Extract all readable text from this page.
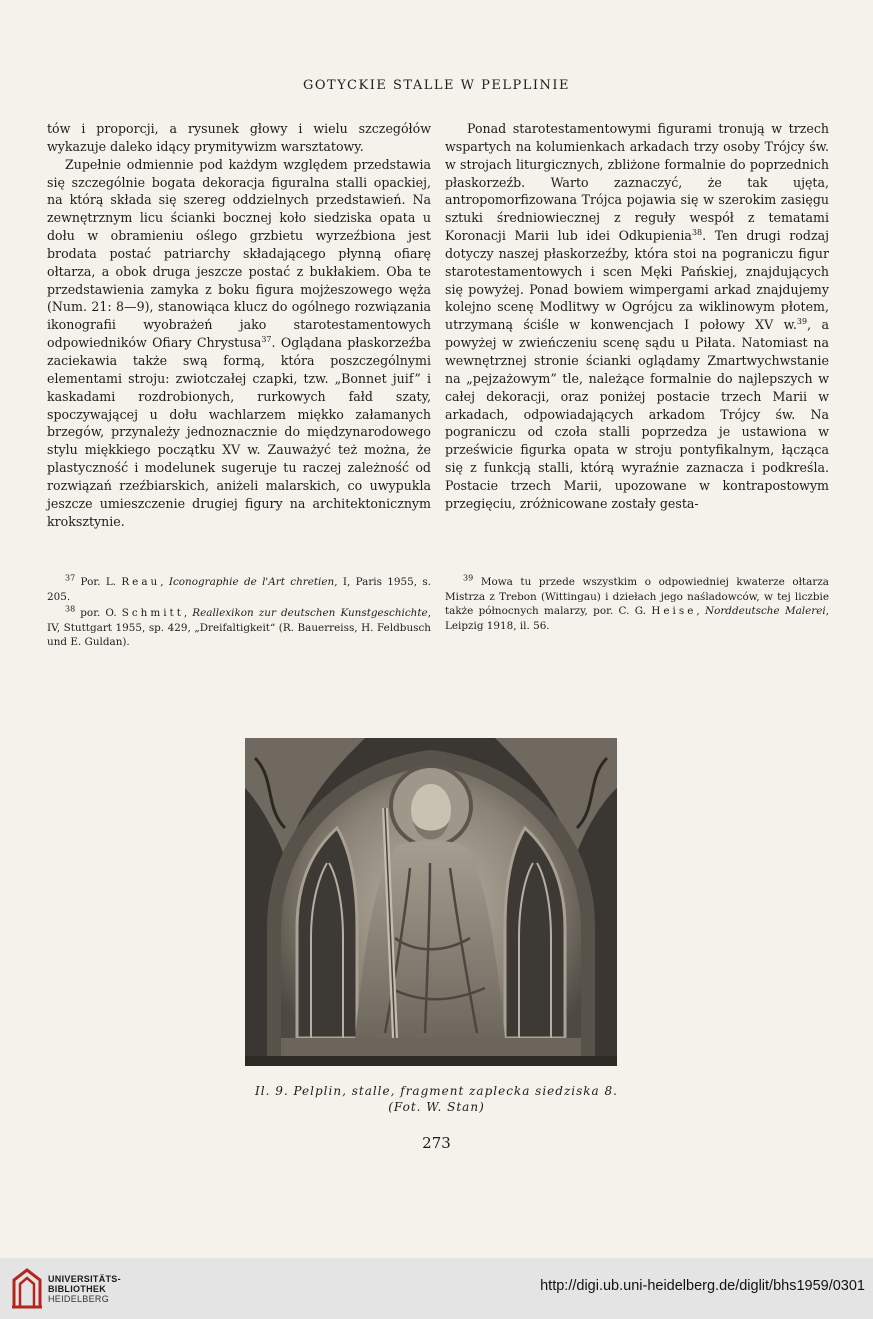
GOTYCKIE STALLE W PELPLINIE

tów i proporcji, a rysunek głowy i wielu szczegółów wykazuje daleko idący prymitywizm warsztatowy.

Zupełnie odmiennie pod każdym względem przedstawia się szczególnie bogata dekoracja figuralna stalli opackiej, na którą składa się szereg oddzielnych przedstawień. Na zewnętrznym licu ścianki bocznej koło siedziska opata u dołu w obramieniu oślego grzbietu wyrzeźbiona jest brodata postać patriarchy składającego płynną ofiarę ołtarza, a obok druga jeszcze postać z bukłakiem. Oba te przedstawienia zamyka z boku figura mojżeszowego węża (Num. 21: 8—9), stanowiąca klucz do ogólnego rozwiązania ikonografii wyobrażeń jako starotestamentowych odpowiedników Ofiary Chrystusa$^{37}$. Oglądana płaskorzeźba zaciekawia także swą formą, która poszczególnymi elementami stroju: zwiotczałej czapki, tzw. „Bonnet juif” i kaskadami rozdrobionych, rurkowych fałd szaty, spoczywającej u dołu wachlarzem miękko załamanych brzegów, przynależy jednoznacznie do międzynarodowego stylu miękkiego początku XV w. Zauważyć też można, że plastyczność i modelunek sugeruje tu raczej zależność od rozwiązań rzeźbiarskich, aniżeli malarskich, co uwypukla jeszcze umieszczenie drugiej figury na architektonicznym kroksztynie.

Ponad starotestamentowymi figurami tronują w trzech wspartych na kolumienkach arkadach trzy osoby Trójcy św. w strojach liturgicznych, zbliżone formalnie do poprzednich płaskorzeźb. Warto zaznaczyć, że tak ujęta, antropomorfizowana Trójca pojawia się w szerokim zasięgu sztuki średniowiecznej z reguły wespół z tematami Koronacji Marii lub idei Odkupienia$^{38}$. Ten drugi rodzaj dotyczy naszej płaskorzeźby, która stoi na pograniczu figur starotestamentowych i scen Męki Pańskiej, znajdujących się powyżej. Ponad bowiem wimpergami arkad znajdujemy kolejno scenę Modlitwy w Ogrójcu za wiklinowym płotem, utrzymaną ściśle w konwencjach I połowy XV w.$^{39}$, a powyżej w zwieńczeniu scenę sądu u Piłata. Natomiast na wewnętrznej stronie ścianki oglądamy Zmartwychwstanie na „pejzażowym” tle, należące formalnie do najlepszych w całej dekoracji, oraz poniżej postacie trzech Marii w arkadach, odpowiadających arkadom Trójcy św. Na pograniczu od czoła stalli poprzedza je ustawiona w prześwicie figurka opata w stroju pontyfikalnym, łącząca się z funkcją stalli, którą wyraźnie zaznacza i podkreśla. Postacie trzech Marii, upozowane w kontrapostowym przegięciu, zróżnicowane zostały gesta-

$^{37}$ Por. L. Reau, Iconographie de l'Art chretien, I, Paris 1955, s. 205.

$^{38}$ por. O. Schmitt, Reallexikon zur deutschen Kunstgeschichte, IV, Stuttgart 1955, sp. 429, „Dreifaltigkeit“ (R. Bauerreiss, H. Feldbusch und E. Guldan).

$^{39}$ Mowa tu przede wszystkim o odpowiedniej kwaterze ołtarza Mistrza z Trebon (Wittingau) i dziełach jego naśladowców, w tej liczbie także północnych malarzy, por. C. G. Heise, Norddeutsche Malerei, Leipzig 1918, il. 56.

Il. 9. Pelplin, stalle, fragment zaplecka siedziska 8.
(Fot. W. Stan)
273
UNIVERSITÄTS-
BIBLIOTHEK
HEIDELBERG
http://digi.ub.uni-heidelberg.de/diglit/bhs1959/0301
